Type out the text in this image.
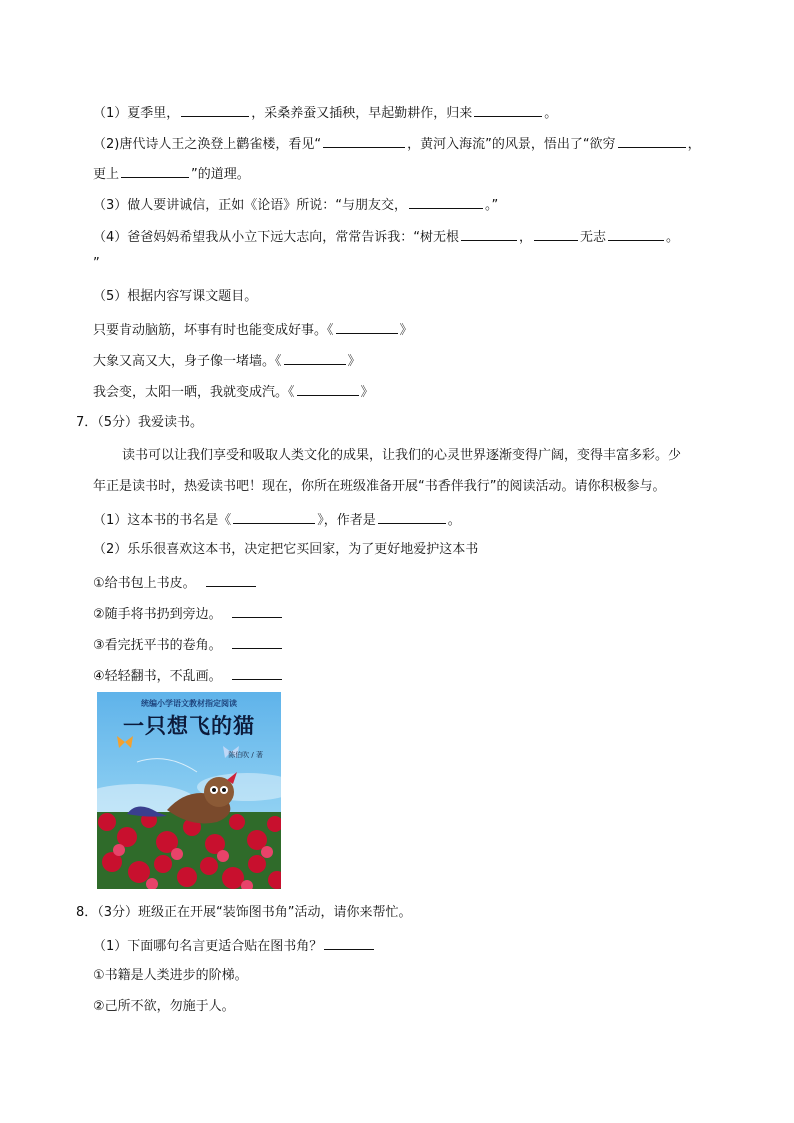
（1）夏季里，	，采桑养蚕又插秧，早起勤耕作，归来	。
（2)唐代诗人王之涣登上鹳雀楼，看见“	，黄河入海流”的风景，悟出了“欲穷	，
更上	”的道理。
（3）做人要讲诚信，正如《论语》所说：“与朋友交，	。”
（4）爸爸妈妈希望我从小立下远大志向，常常告诉我：“树无根	，	无志	。
”
（5）根据内容写课文题目。
只要肯动脑筋，坏事有时也能变成好事。《	》
大象又高又大，身子像一堵墙。《	》
我会变，太阳一晒，我就变成汽。《	》
7．（5分）我爱读书。
读书可以让我们享受和吸取人类文化的成果，让我们的心灵世界逐渐变得广阔，变得丰富多彩。少
年正是读书时，热爱读书吧！现在，你所在班级准备开展“书香伴我行”的阅读活动。请你积极参与。
（1）这本书的书名是《	》，作者是	。
（2）乐乐很喜欢这本书，决定把它买回家，为了更好地爱护这本书
①给书包上书皮。
②随手将书扔到旁边。
③看完抚平书的卷角。
④轻轻翻书，不乱画。
统编小学语文教材指定阅读
一只想飞的猫
陈伯吹 / 著
8．（3分）班级正在开展“装饰图书角”活动，请你来帮忙。
（1）下面哪句名言更适合贴在图书角？
①书籍是人类进步的阶梯。
②己所不欲，勿施于人。
